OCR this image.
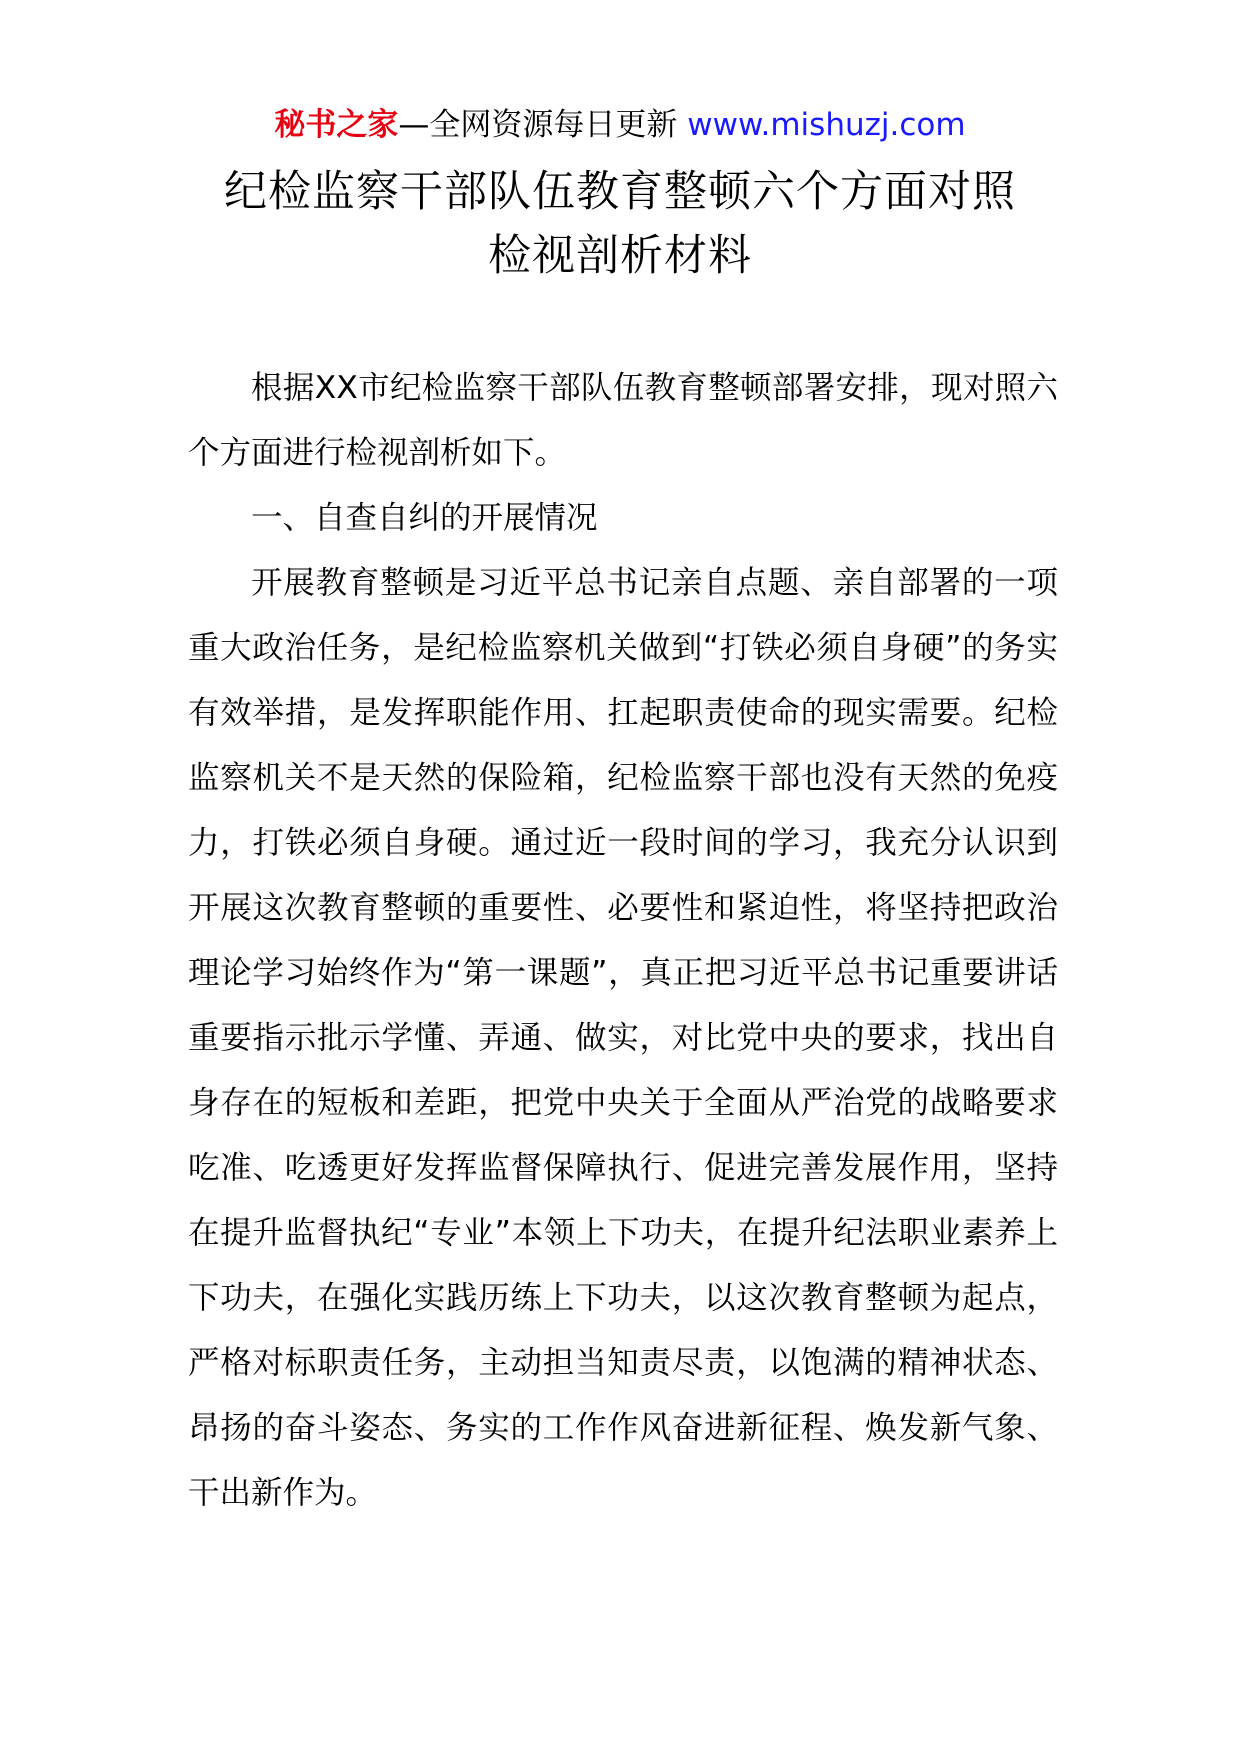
秘书之家—全网资源每日更新 www.mishuzj.com
纪检监察干部队伍教育整顿六个方面对照
检视剖析材料

根据XX市纪检监察干部队伍教育整顿部署安排，现对照六个方面进行检视剖析如下。

一、自查自纠的开展情况

开展教育整顿是习近平总书记亲自点题、亲自部署的一项重大政治任务，是纪检监察机关做到“打铁必须自身硬”的务实有效举措，是发挥职能作用、扛起职责使命的现实需要。纪检监察机关不是天然的保险箱，纪检监察干部也没有天然的免疫力，打铁必须自身硬。通过近一段时间的学习，我充分认识到开展这次教育整顿的重要性、必要性和紧迫性，将坚持把政治理论学习始终作为“第一课题”，真正把习近平总书记重要讲话重要指示批示学懂、弄通、做实，对比党中央的要求，找出自身存在的短板和差距，把党中央关于全面从严治党的战略要求吃准、吃透更好发挥监督保障执行、促进完善发展作用，坚持在提升监督执纪“专业”本领上下功夫，在提升纪法职业素养上下功夫，在强化实践历练上下功夫，以这次教育整顿为起点，严格对标职责任务，主动担当知责尽责，以饱满的精神状态、昂扬的奋斗姿态、务实的工作作风奋进新征程、焕发新气象、干出新作为。
